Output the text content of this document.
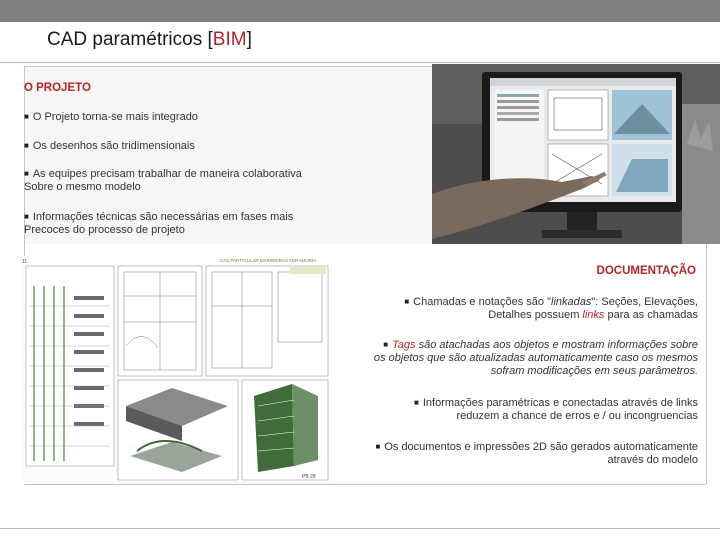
CAD paramétricos [BIM]
O PROJETO
■ O Projeto torna-se mais integrado
■ Os desenhos são tridimensionais
■ As equipes precisam trabalhar de maneira colaborativa
Sobre o mesmo modelo
■ Informações técnicas são necessárias em fases mais
Precoces do processo de projeto
CAS PARTICULAR MARINEIRAS ADRAMORIA
11
PB 28
DOCUMENTAÇÃO
■ Chamadas e notações são "linkadas": Seções, Elevações,
Detalhes possuem links para as chamadas
■ Tags são atachadas aos objetos e mostram informações sobre
os objetos que são atualizadas automaticamente caso os mesmos
sofram modificações em seus parâmetros.
■ Informações paramétricas e conectadas através de links
reduzem a chance de erros e / ou incongruencias
■ Os documentos e impressões 2D são gerados automaticamente
através do modelo
